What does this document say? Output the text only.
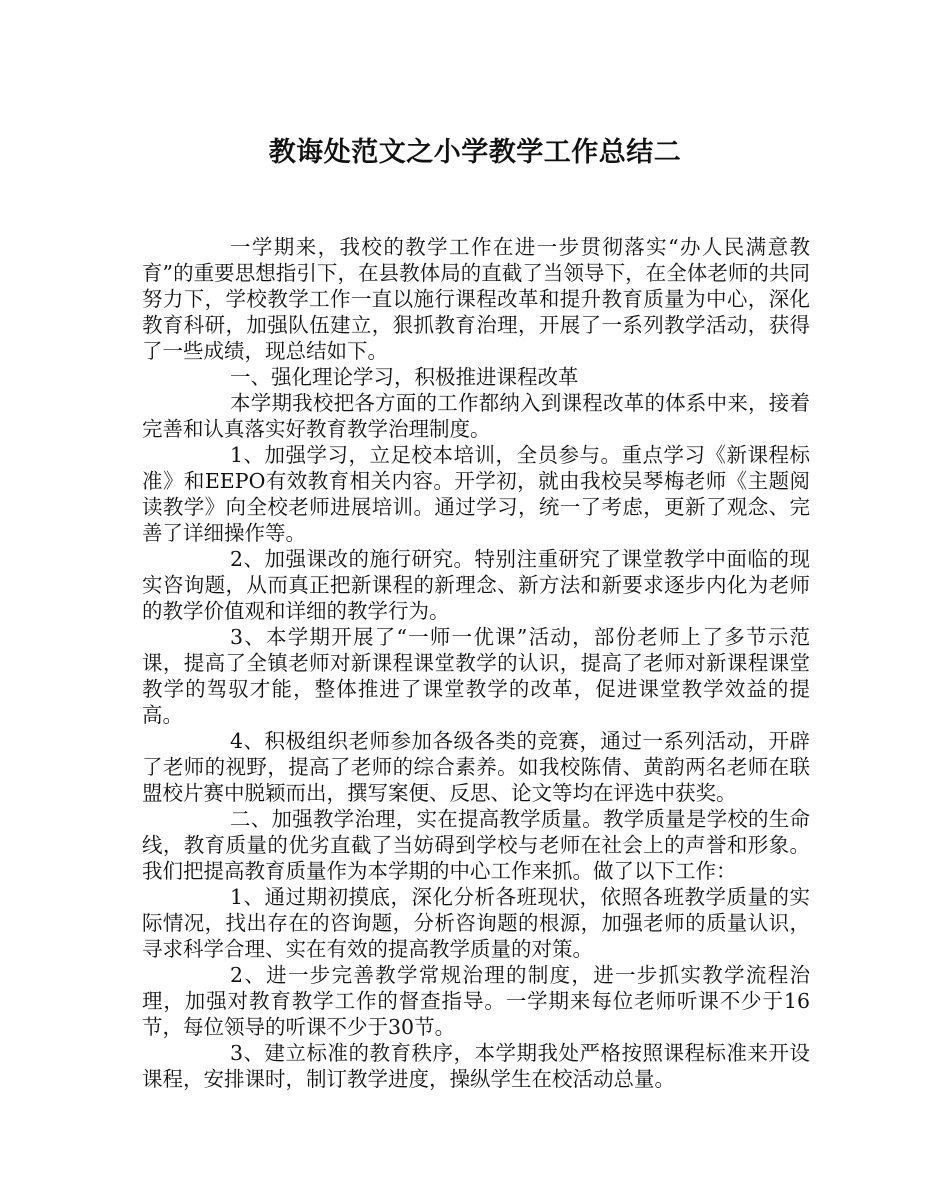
教诲处范文之小学教学工作总结二

一学期来，我校的教学工作在进一步贯彻落实“办人民满意教育”的重要思想指引下，在县教体局的直截了当领导下，在全体老师的共同努力下，学校教学工作一直以施行课程改革和提升教育质量为中心，深化教育科研，加强队伍建立，狠抓教育治理，开展了一系列教学活动，获得了一些成绩，现总结如下。

一、强化理论学习，积极推进课程改革

本学期我校把各方面的工作都纳入到课程改革的体系中来，接着完善和认真落实好教育教学治理制度。

1、加强学习，立足校本培训，全员参与。重点学习《新课程标准》和EEPO有效教育相关内容。开学初，就由我校吴琴梅老师《主题阅读教学》向全校老师进展培训。通过学习，统一了考虑，更新了观念、完善了详细操作等。

2、加强课改的施行研究。特别注重研究了课堂教学中面临的现实咨询题，从而真正把新课程的新理念、新方法和新要求逐步内化为老师的教学价值观和详细的教学行为。

3、本学期开展了“一师一优课”活动，部份老师上了多节示范课，提高了全镇老师对新课程课堂教学的认识，提高了老师对新课程课堂教学的驾驭才能，整体推进了课堂教学的改革，促进课堂教学效益的提高。

4、积极组织老师参加各级各类的竞赛，通过一系列活动，开辟了老师的视野，提高了老师的综合素养。如我校陈倩、黄韵两名老师在联盟校片赛中脱颖而出，撰写案便、反思、论文等均在评选中获奖。

二、加强教学治理，实在提高教学质量。教学质量是学校的生命线，教育质量的优劣直截了当妨碍到学校与老师在社会上的声誉和形象。我们把提高教育质量作为本学期的中心工作来抓。做了以下工作：

1、通过期初摸底，深化分析各班现状，依照各班教学质量的实际情况，找出存在的咨询题，分析咨询题的根源，加强老师的质量认识，寻求科学合理、实在有效的提高教学质量的对策。

2、进一步完善教学常规治理的制度，进一步抓实教学流程治理，加强对教育教学工作的督查指导。一学期来每位老师听课不少于16节，每位领导的听课不少于30节。

3、建立标准的教育秩序，本学期我处严格按照课程标准来开设课程，安排课时，制订教学进度，操纵学生在校活动总量。
